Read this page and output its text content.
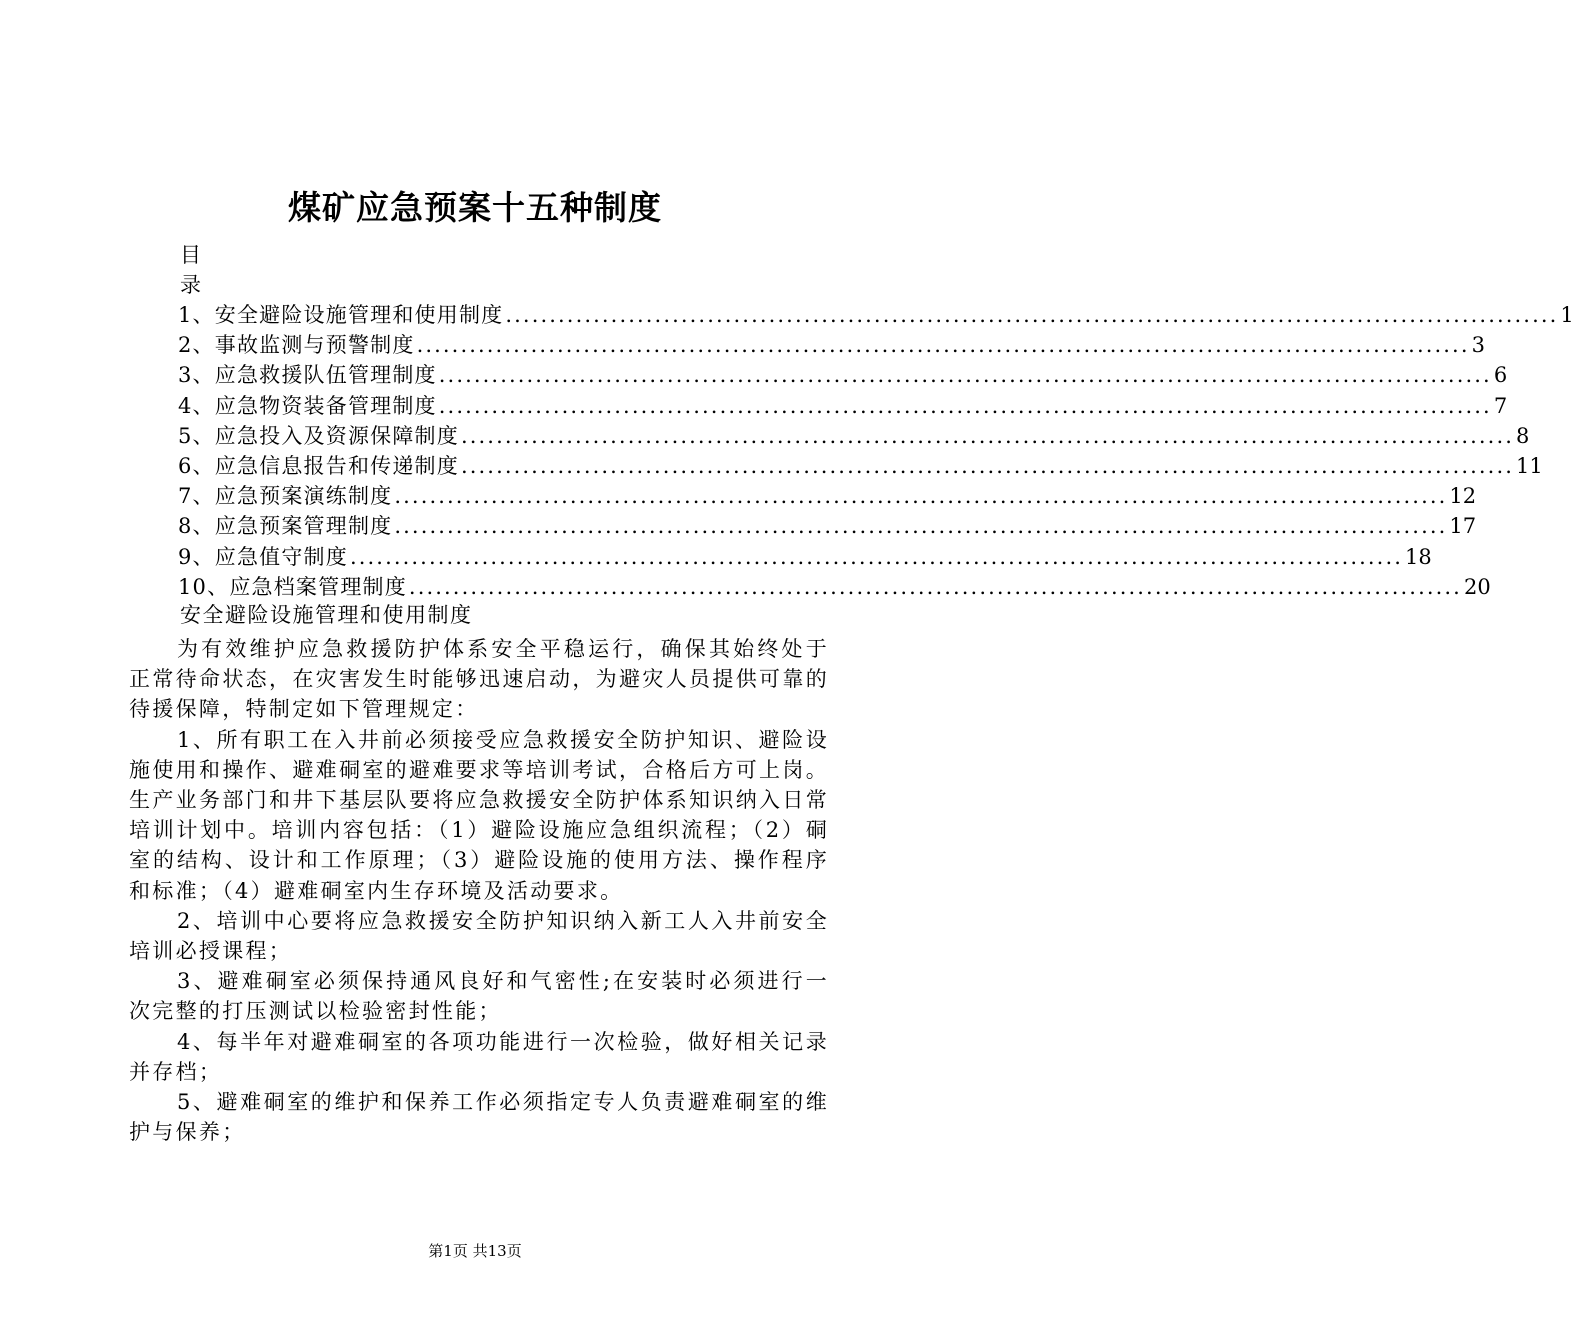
煤矿应急预案十五种制度
目
录
1、安全避险设施管理和使用制度 ........................................................................................................................ 1
2、事故监测与预警制度 ........................................................................................................................ 3
3、应急救援队伍管理制度 ........................................................................................................................ 6
4、应急物资装备管理制度 ........................................................................................................................ 7
5、应急投入及资源保障制度 ........................................................................................................................ 8
6、应急信息报告和传递制度 ........................................................................................................................ 11
7、应急预案演练制度 ........................................................................................................................ 12
8、应急预案管理制度 ........................................................................................................................ 17
9、应急值守制度 ........................................................................................................................ 18
10、应急档案管理制度 ........................................................................................................................ 20
安全避险设施管理和使用制度

为有效维护应急救援防护体系安全平稳运行，确保其始终处于正常待命状态，在灾害发生时能够迅速启动，为避灾人员提供可靠的待援保障，特制定如下管理规定：

1、所有职工在入井前必须接受应急救援安全防护知识、避险设施使用和操作、避难硐室的避难要求等培训考试，合格后方可上岗。生产业务部门和井下基层队要将应急救援安全防护体系知识纳入日常培训计划中。培训内容包括：（1）避险设施应急组织流程；（2）硐室的结构、设计和工作原理；（3）避险设施的使用方法、操作程序和标准；（4）避难硐室内生存环境及活动要求。

2、培训中心要将应急救援安全防护知识纳入新工人入井前安全培训必授课程；

3、避难硐室必须保持通风良好和气密性;在安装时必须进行一次完整的打压测试以检验密封性能；

4、每半年对避难硐室的各项功能进行一次检验，做好相关记录并存档；

5、避难硐室的维护和保养工作必须指定专人负责避难硐室的维护与保养；

第1页 共13页
